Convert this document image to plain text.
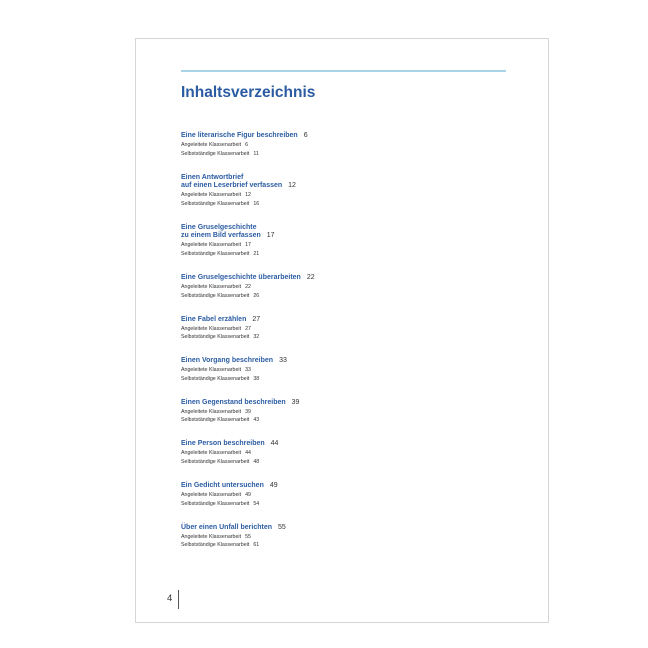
Inhaltsverzeichnis
Eine literarische Figur beschreiben 6
Angeleitete Klassenarbeit 6
Selbstständige Klassenarbeit 11
Einen Antwortbrief
auf einen Leserbrief verfassen 12
Angeleitete Klassenarbeit 12
Selbstständige Klassenarbeit 16
Eine Gruselgeschichte
zu einem Bild verfassen 17
Angeleitete Klassenarbeit 17
Selbstständige Klassenarbeit 21
Eine Gruselgeschichte überarbeiten 22
Angeleitete Klassenarbeit 22
Selbstständige Klassenarbeit 26
Eine Fabel erzählen 27
Angeleitete Klassenarbeit 27
Selbstständige Klassenarbeit 32
Einen Vorgang beschreiben 33
Angeleitete Klassenarbeit 33
Selbstständige Klassenarbeit 38
Einen Gegenstand beschreiben 39
Angeleitete Klassenarbeit 39
Selbstständige Klassenarbeit 43
Eine Person beschreiben 44
Angeleitete Klassenarbeit 44
Selbstständige Klassenarbeit 48
Ein Gedicht untersuchen 49
Angeleitete Klassenarbeit 49
Selbstständige Klassenarbeit 54
Über einen Unfall berichten 55
Angeleitete Klassenarbeit 55
Selbstständige Klassenarbeit 61
4
